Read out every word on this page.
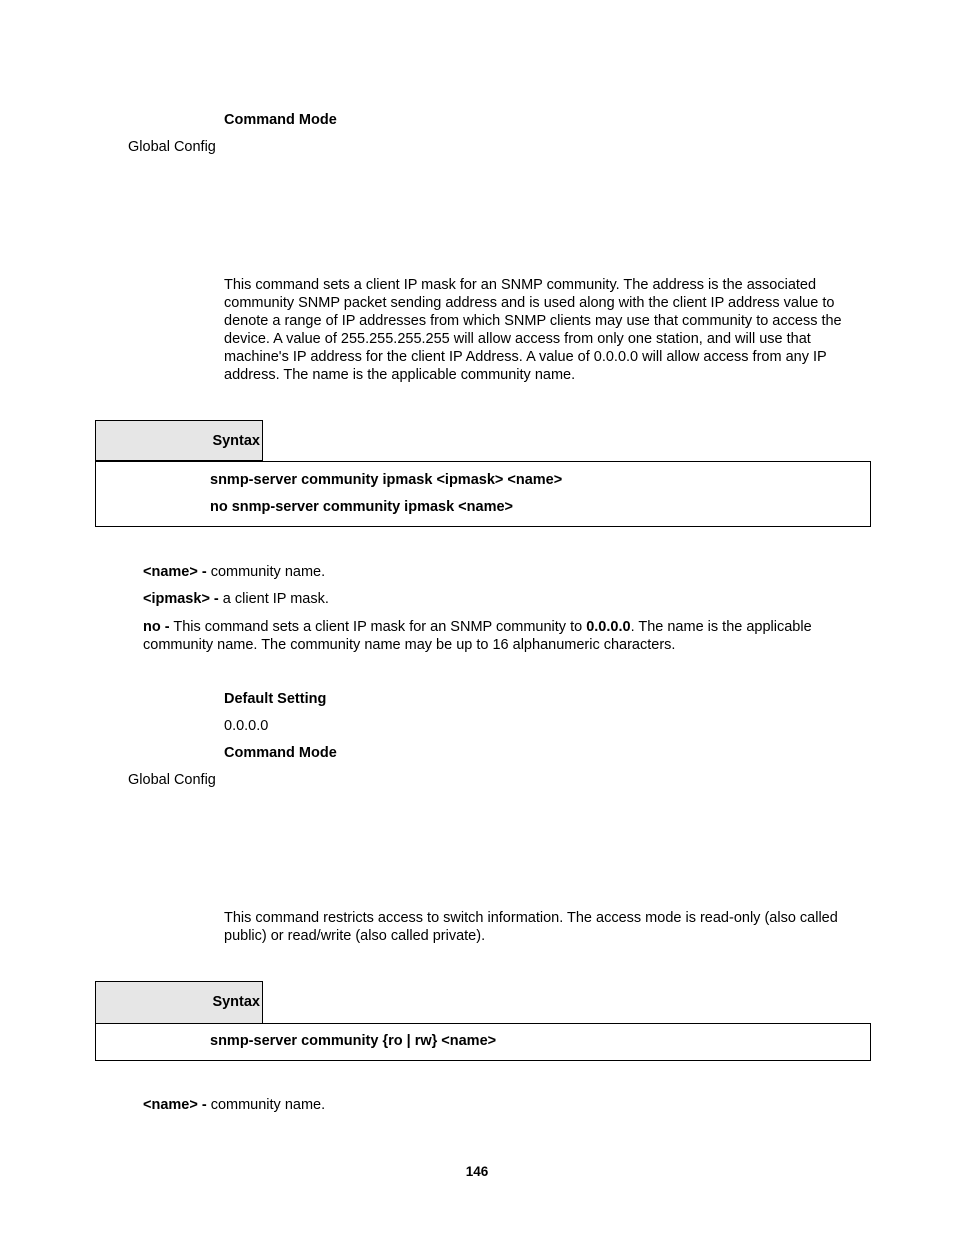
Command Mode
Global Config
This command sets a client IP mask for an SNMP community. The address is the associated community SNMP packet sending address and is used along with the client IP address value to denote a range of IP addresses from which SNMP clients may use that community to access the device. A value of 255.255.255.255 will allow access from only one station, and will use that machine's IP address for the client IP Address. A value of 0.0.0.0 will allow access from any IP address. The name is the applicable community name.
snmp-server community ipmask <ipmask> <name>
no snmp-server community ipmask <name>
Syntax
<name> - community name.
<ipmask> - a client IP mask.
no - This command sets a client IP mask for an SNMP community to 0.0.0.0. The name is the applicable community name. The community name may be up to 16 alphanumeric characters.
Default Setting
0.0.0.0
Command Mode
Global Config
This command restricts access to switch information. The access mode is read-only (also called public) or read/write (also called private).
snmp-server community {ro | rw} <name>
Syntax
<name> - community name.
146
